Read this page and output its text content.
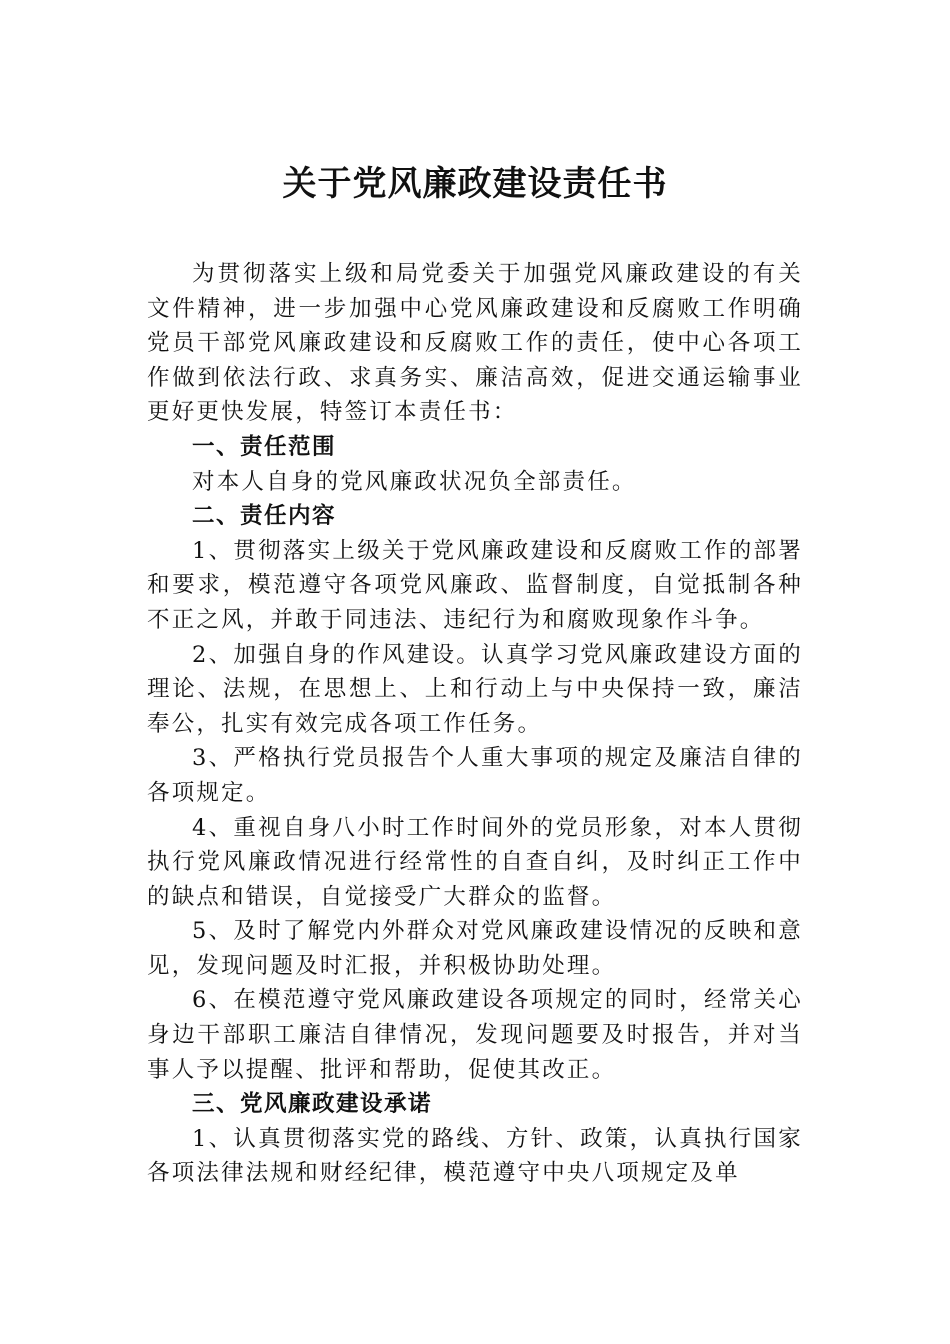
关于党风廉政建设责任书

为贯彻落实上级和局党委关于加强党风廉政建设的有关文件精神，进一步加强中心党风廉政建设和反腐败工作明确党员干部党风廉政建设和反腐败工作的责任，使中心各项工作做到依法行政、求真务实、廉洁高效，促进交通运输事业更好更快发展，特签订本责任书：

一、责任范围

对本人自身的党风廉政状况负全部责任。

二、责任内容

1、贯彻落实上级关于党风廉政建设和反腐败工作的部署和要求，模范遵守各项党风廉政、监督制度，自觉抵制各种不正之风，并敢于同违法、违纪行为和腐败现象作斗争。

2、加强自身的作风建设。认真学习党风廉政建设方面的理论、法规，在思想上、上和行动上与中央保持一致，廉洁奉公，扎实有效完成各项工作任务。

3、严格执行党员报告个人重大事项的规定及廉洁自律的各项规定。

4、重视自身八小时工作时间外的党员形象，对本人贯彻执行党风廉政情况进行经常性的自查自纠，及时纠正工作中的缺点和错误，自觉接受广大群众的监督。

5、及时了解党内外群众对党风廉政建设情况的反映和意见，发现问题及时汇报，并积极协助处理。

6、在模范遵守党风廉政建设各项规定的同时，经常关心身边干部职工廉洁自律情况，发现问题要及时报告，并对当事人予以提醒、批评和帮助，促使其改正。

三、党风廉政建设承诺

1、认真贯彻落实党的路线、方针、政策，认真执行国家各项法律法规和财经纪律，模范遵守中央八项规定及单
